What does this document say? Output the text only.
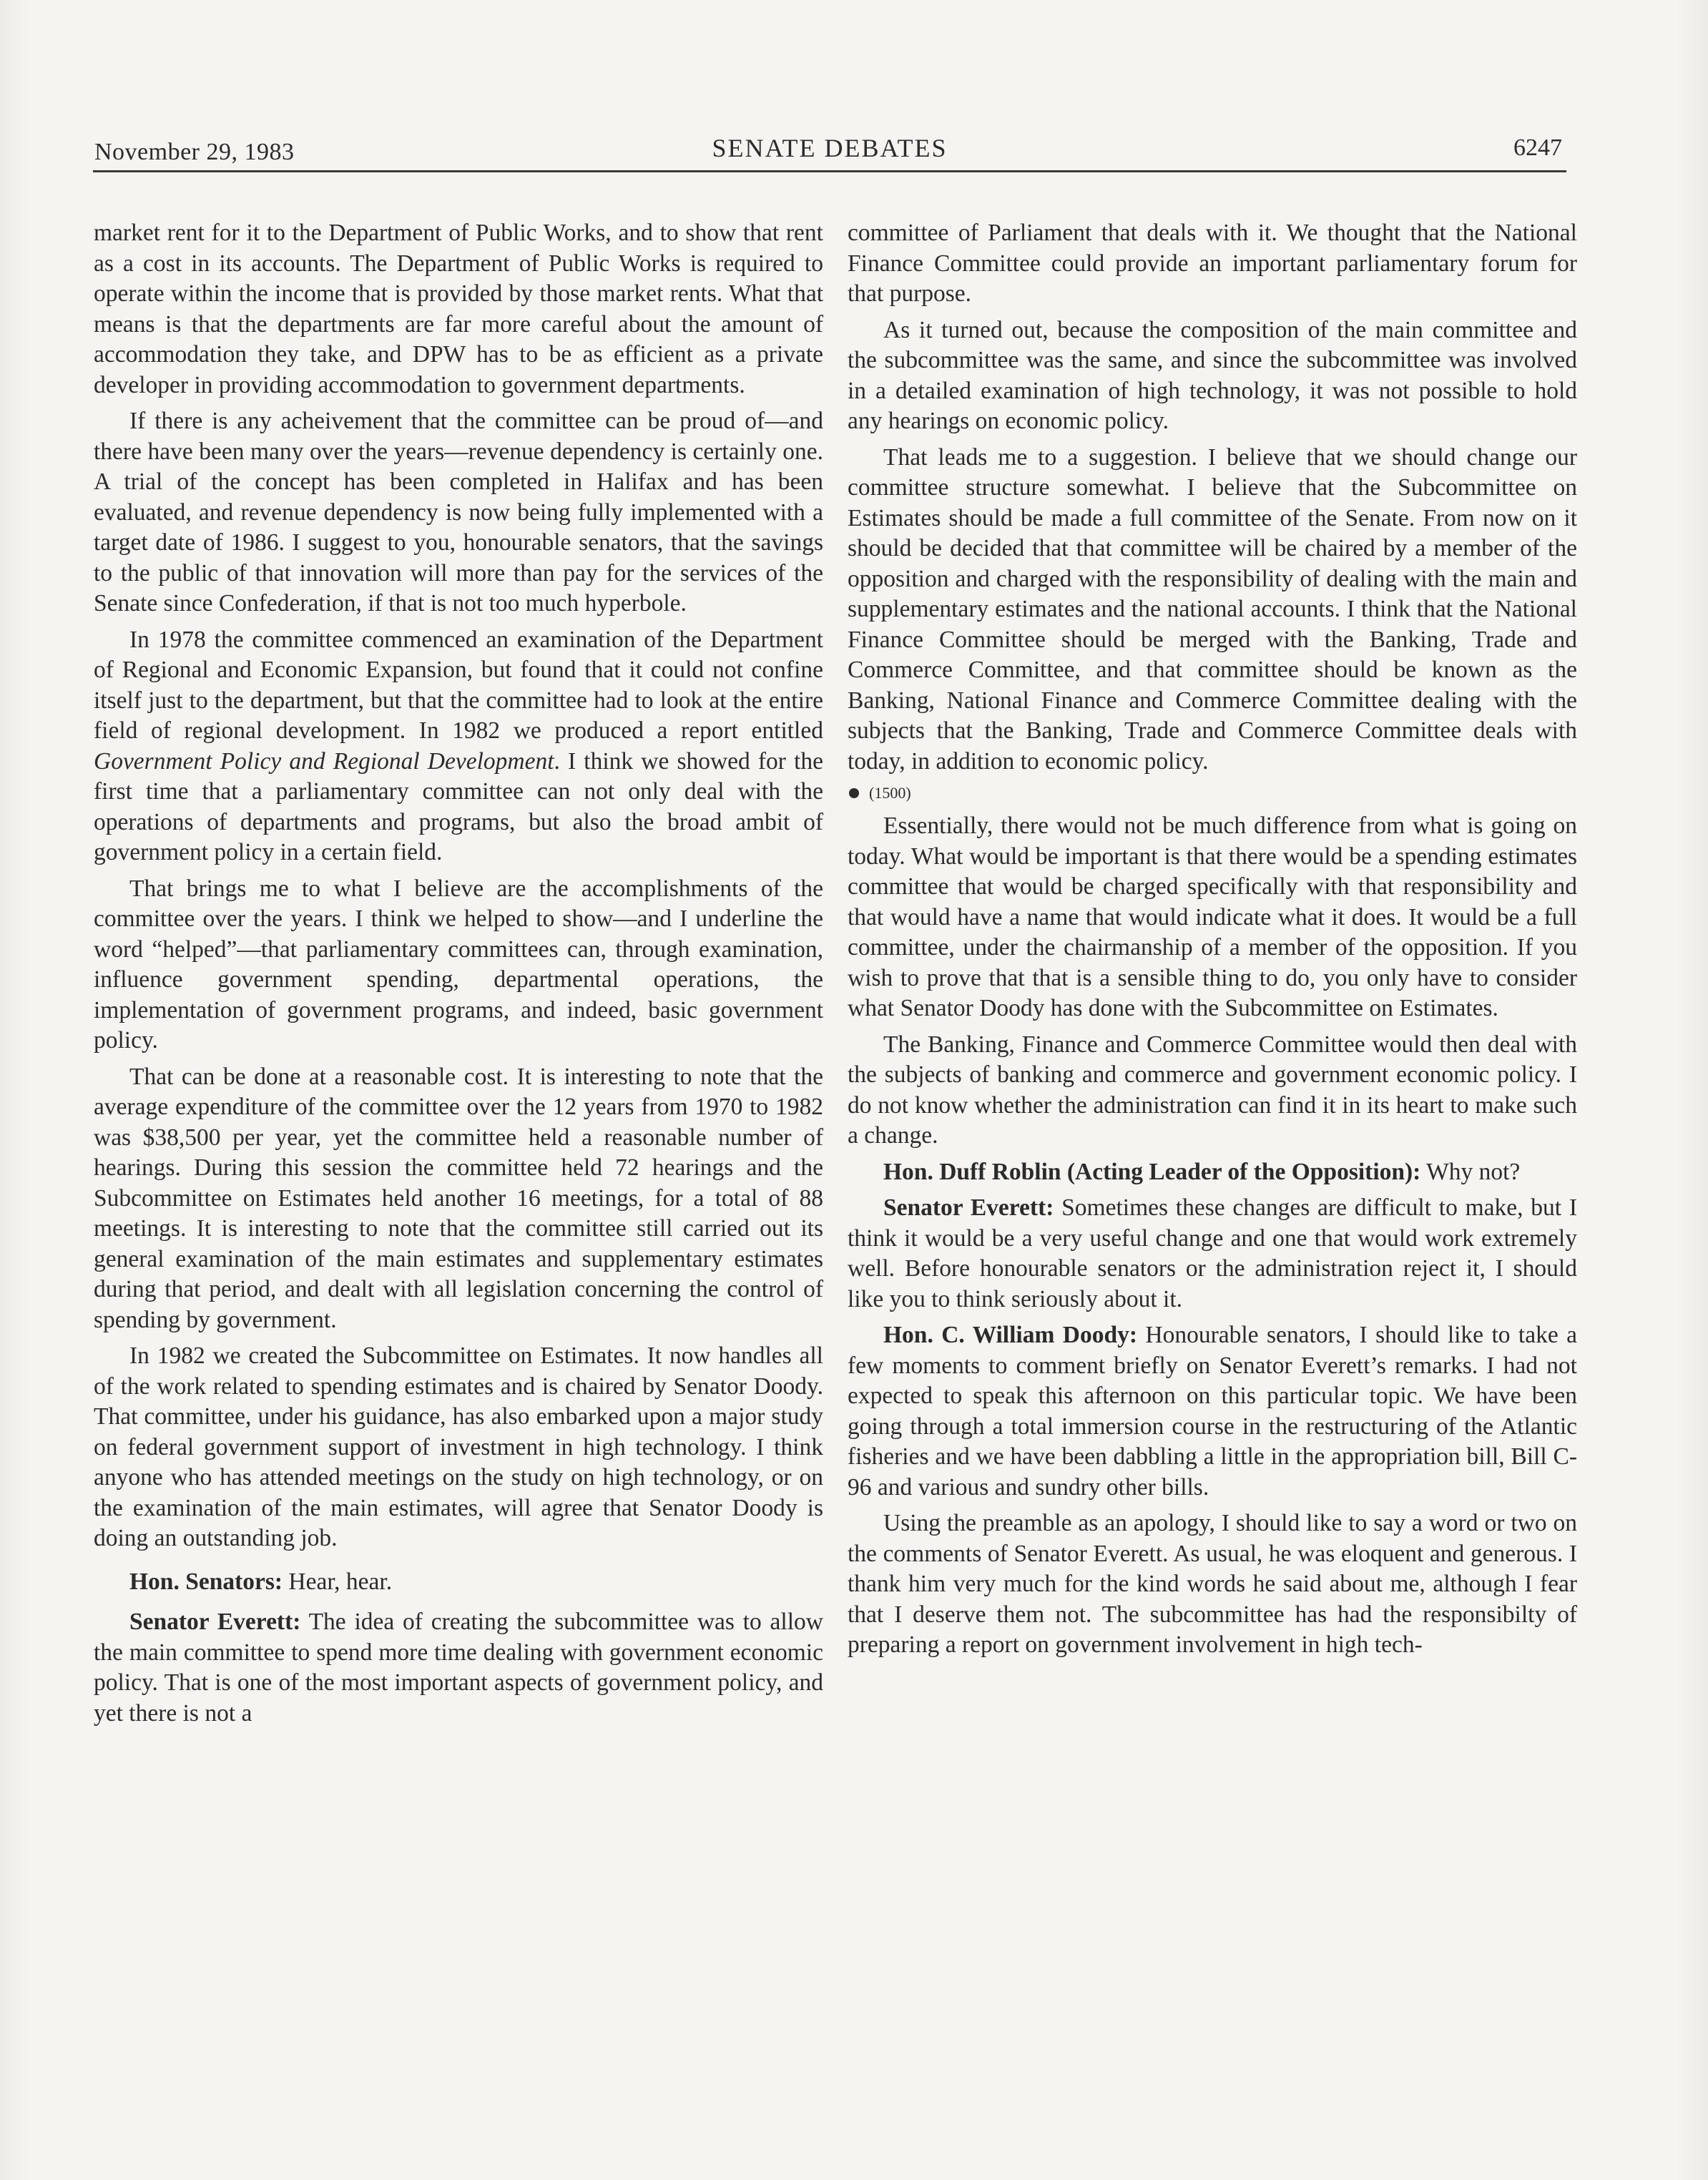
November 29, 1983	SENATE DEBATES	6247

market rent for it to the Department of Public Works, and to show that rent as a cost in its accounts. The Department of Public Works is required to operate within the income that is provided by those market rents. What that means is that the departments are far more careful about the amount of accommodation they take, and DPW has to be as efficient as a private developer in providing accommodation to government departments.

If there is any acheivement that the committee can be proud of—and there have been many over the years—revenue dependency is certainly one. A trial of the concept has been completed in Halifax and has been evaluated, and revenue dependency is now being fully implemented with a target date of 1986. I suggest to you, honourable senators, that the savings to the public of that innovation will more than pay for the services of the Senate since Confederation, if that is not too much hyperbole.

In 1978 the committee commenced an examination of the Department of Regional and Economic Expansion, but found that it could not confine itself just to the department, but that the committee had to look at the entire field of regional development. In 1982 we produced a report entitled Government Policy and Regional Development. I think we showed for the first time that a parliamentary committee can not only deal with the operations of departments and programs, but also the broad ambit of government policy in a certain field.

That brings me to what I believe are the accomplishments of the committee over the years. I think we helped to show—and I underline the word “helped”—that parliamentary committees can, through examination, influence government spending, departmental operations, the implementation of government programs, and indeed, basic government policy.

That can be done at a reasonable cost. It is interesting to note that the average expenditure of the committee over the 12 years from 1970 to 1982 was $38,500 per year, yet the committee held a reasonable number of hearings. During this session the committee held 72 hearings and the Subcommittee on Estimates held another 16 meetings, for a total of 88 meetings. It is interesting to note that the committee still carried out its general examination of the main estimates and supplementary estimates during that period, and dealt with all legislation concerning the control of spending by government.

In 1982 we created the Subcommittee on Estimates. It now handles all of the work related to spending estimates and is chaired by Senator Doody. That committee, under his guidance, has also embarked upon a major study on federal government support of investment in high technology. I think anyone who has attended meetings on the study on high technology, or on the examination of the main estimates, will agree that Senator Doody is doing an outstanding job.

Hon. Senators: Hear, hear.

Senator Everett: The idea of creating the subcommittee was to allow the main committee to spend more time dealing with government economic policy. That is one of the most important aspects of government policy, and yet there is not a

committee of Parliament that deals with it. We thought that the National Finance Committee could provide an important parliamentary forum for that purpose.

As it turned out, because the composition of the main committee and the subcommittee was the same, and since the subcommittee was involved in a detailed examination of high technology, it was not possible to hold any hearings on economic policy.

That leads me to a suggestion. I believe that we should change our committee structure somewhat. I believe that the Subcommittee on Estimates should be made a full committee of the Senate. From now on it should be decided that that committee will be chaired by a member of the opposition and charged with the responsibility of dealing with the main and supplementary estimates and the national accounts. I think that the National Finance Committee should be merged with the Banking, Trade and Commerce Committee, and that committee should be known as the Banking, National Finance and Commerce Committee dealing with the subjects that the Banking, Trade and Commerce Committee deals with today, in addition to economic policy.

(1500)

Essentially, there would not be much difference from what is going on today. What would be important is that there would be a spending estimates committee that would be charged specifically with that responsibility and that would have a name that would indicate what it does. It would be a full committee, under the chairmanship of a member of the opposition. If you wish to prove that that is a sensible thing to do, you only have to consider what Senator Doody has done with the Subcommittee on Estimates.

The Banking, Finance and Commerce Committee would then deal with the subjects of banking and commerce and government economic policy. I do not know whether the administration can find it in its heart to make such a change.

Hon. Duff Roblin (Acting Leader of the Opposition): Why not?

Senator Everett: Sometimes these changes are difficult to make, but I think it would be a very useful change and one that would work extremely well. Before honourable senators or the administration reject it, I should like you to think seriously about it.

Hon. C. William Doody: Honourable senators, I should like to take a few moments to comment briefly on Senator Everett’s remarks. I had not expected to speak this afternoon on this particular topic. We have been going through a total immersion course in the restructuring of the Atlantic fisheries and we have been dabbling a little in the appropriation bill, Bill C-96 and various and sundry other bills.

Using the preamble as an apology, I should like to say a word or two on the comments of Senator Everett. As usual, he was eloquent and generous. I thank him very much for the kind words he said about me, although I fear that I deserve them not. The subcommittee has had the responsibilty of preparing a report on government involvement in high tech-
